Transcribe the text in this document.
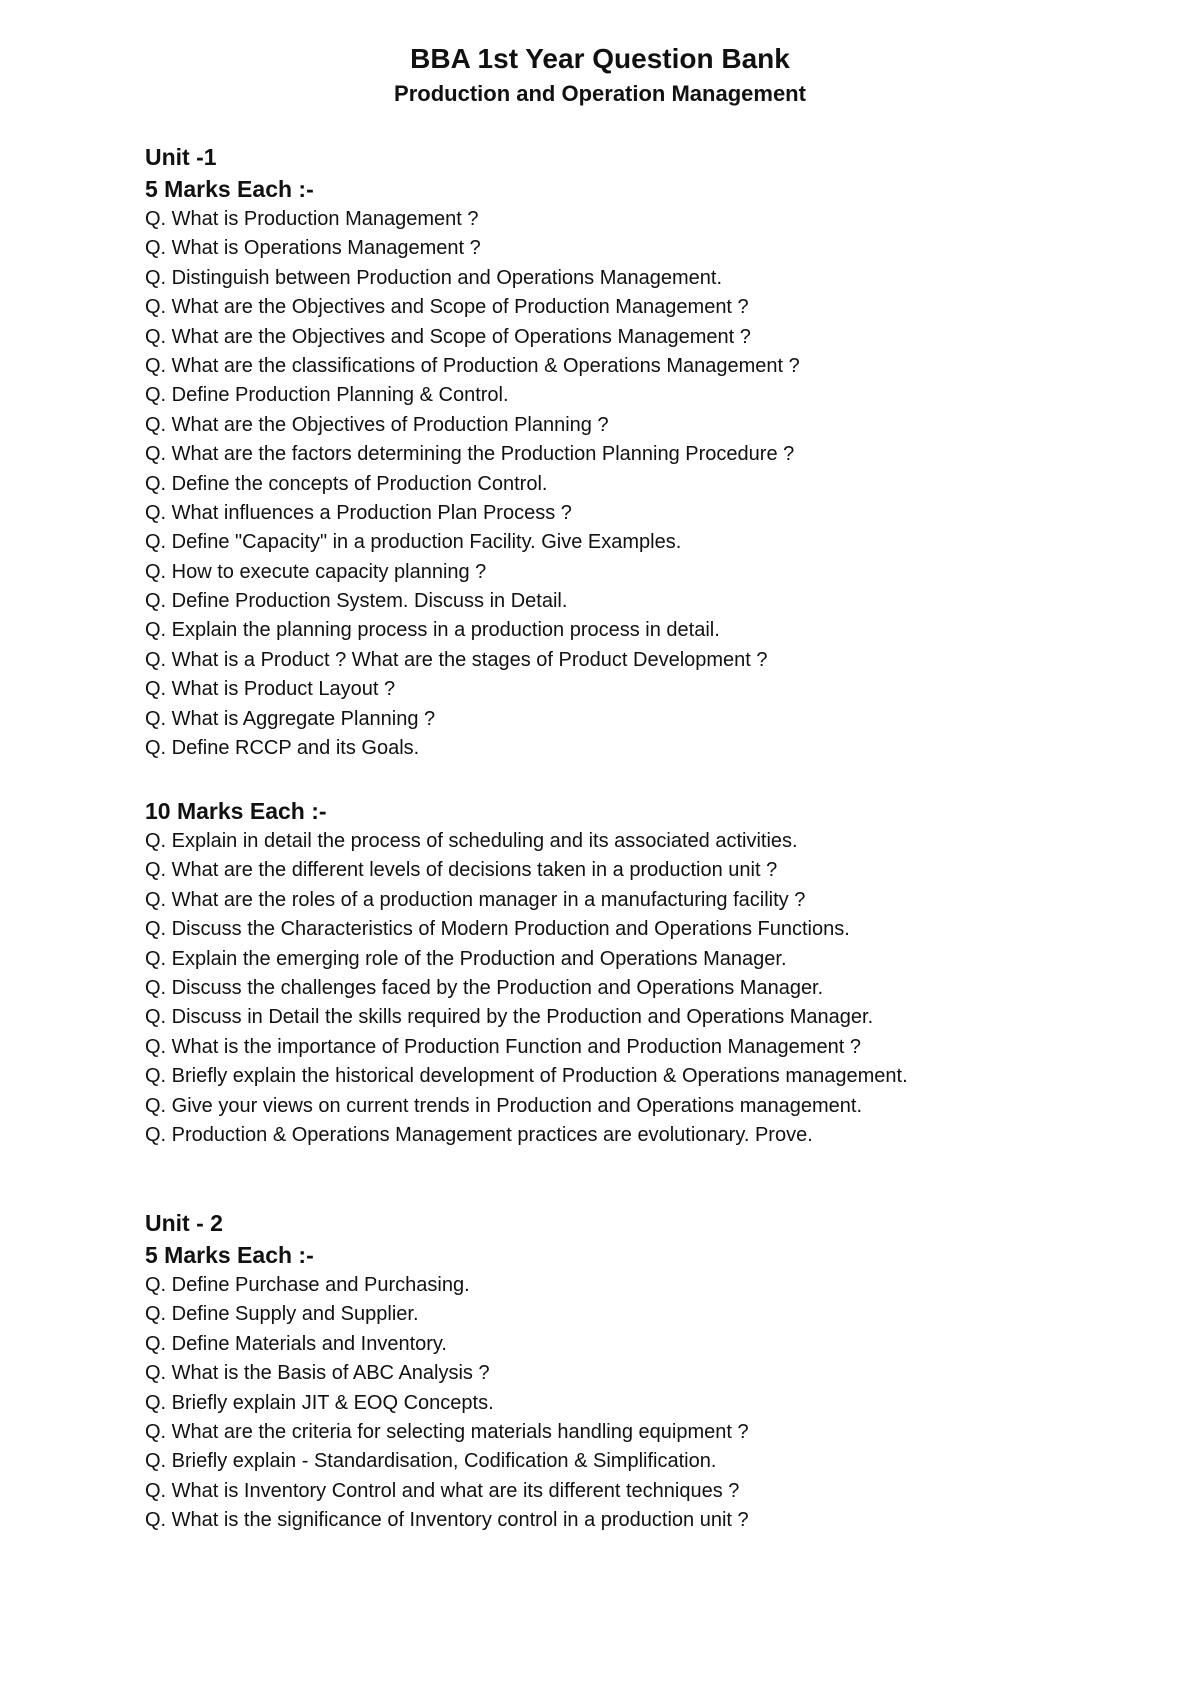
BBA 1st Year Question Bank
Production and Operation Management
Unit -1
5 Marks Each :-
Q. What is Production Management ?
Q. What is Operations Management ?
Q. Distinguish between Production and Operations Management.
Q. What are the Objectives and Scope of Production Management ?
Q. What are the Objectives and Scope of Operations Management ?
Q. What are the classifications of Production & Operations Management ?
Q. Define Production Planning & Control.
Q. What are the Objectives of Production Planning ?
Q. What are the factors determining the Production Planning Procedure ?
Q. Define the concepts of Production Control.
Q. What influences a Production Plan Process ?
Q. Define "Capacity" in a production Facility. Give Examples.
Q. How to execute capacity planning ?
Q. Define Production System. Discuss in Detail.
Q. Explain the planning process in a production process in detail.
Q. What is a Product ? What are the stages of Product Development ?
Q. What is Product Layout ?
Q. What is Aggregate Planning ?
Q. Define RCCP and its Goals.
10 Marks Each :-
Q. Explain in detail the process of scheduling and its associated activities.
Q. What are the different levels of decisions taken in a production unit ?
Q. What are the roles of a production manager in a manufacturing facility ?
Q. Discuss the Characteristics of Modern Production and Operations Functions.
Q. Explain the emerging role of the Production and Operations Manager.
Q. Discuss the challenges faced by the Production and Operations Manager.
Q. Discuss in Detail the skills required by the Production and Operations Manager.
Q. What is the importance of Production Function and Production Management ?
Q. Briefly explain the historical development of Production & Operations management.
Q. Give your views on current trends in Production and Operations management.
Q. Production & Operations Management practices are evolutionary. Prove.
Unit - 2
5 Marks Each :-
Q. Define Purchase and Purchasing.
Q. Define Supply and Supplier.
Q. Define Materials and Inventory.
Q. What is the Basis of ABC Analysis ?
Q. Briefly explain JIT & EOQ Concepts.
Q. What are the criteria for selecting materials handling equipment ?
Q. Briefly explain - Standardisation, Codification & Simplification.
Q. What is Inventory Control and what are its different techniques ?
Q. What is the significance of Inventory control in a production unit ?
